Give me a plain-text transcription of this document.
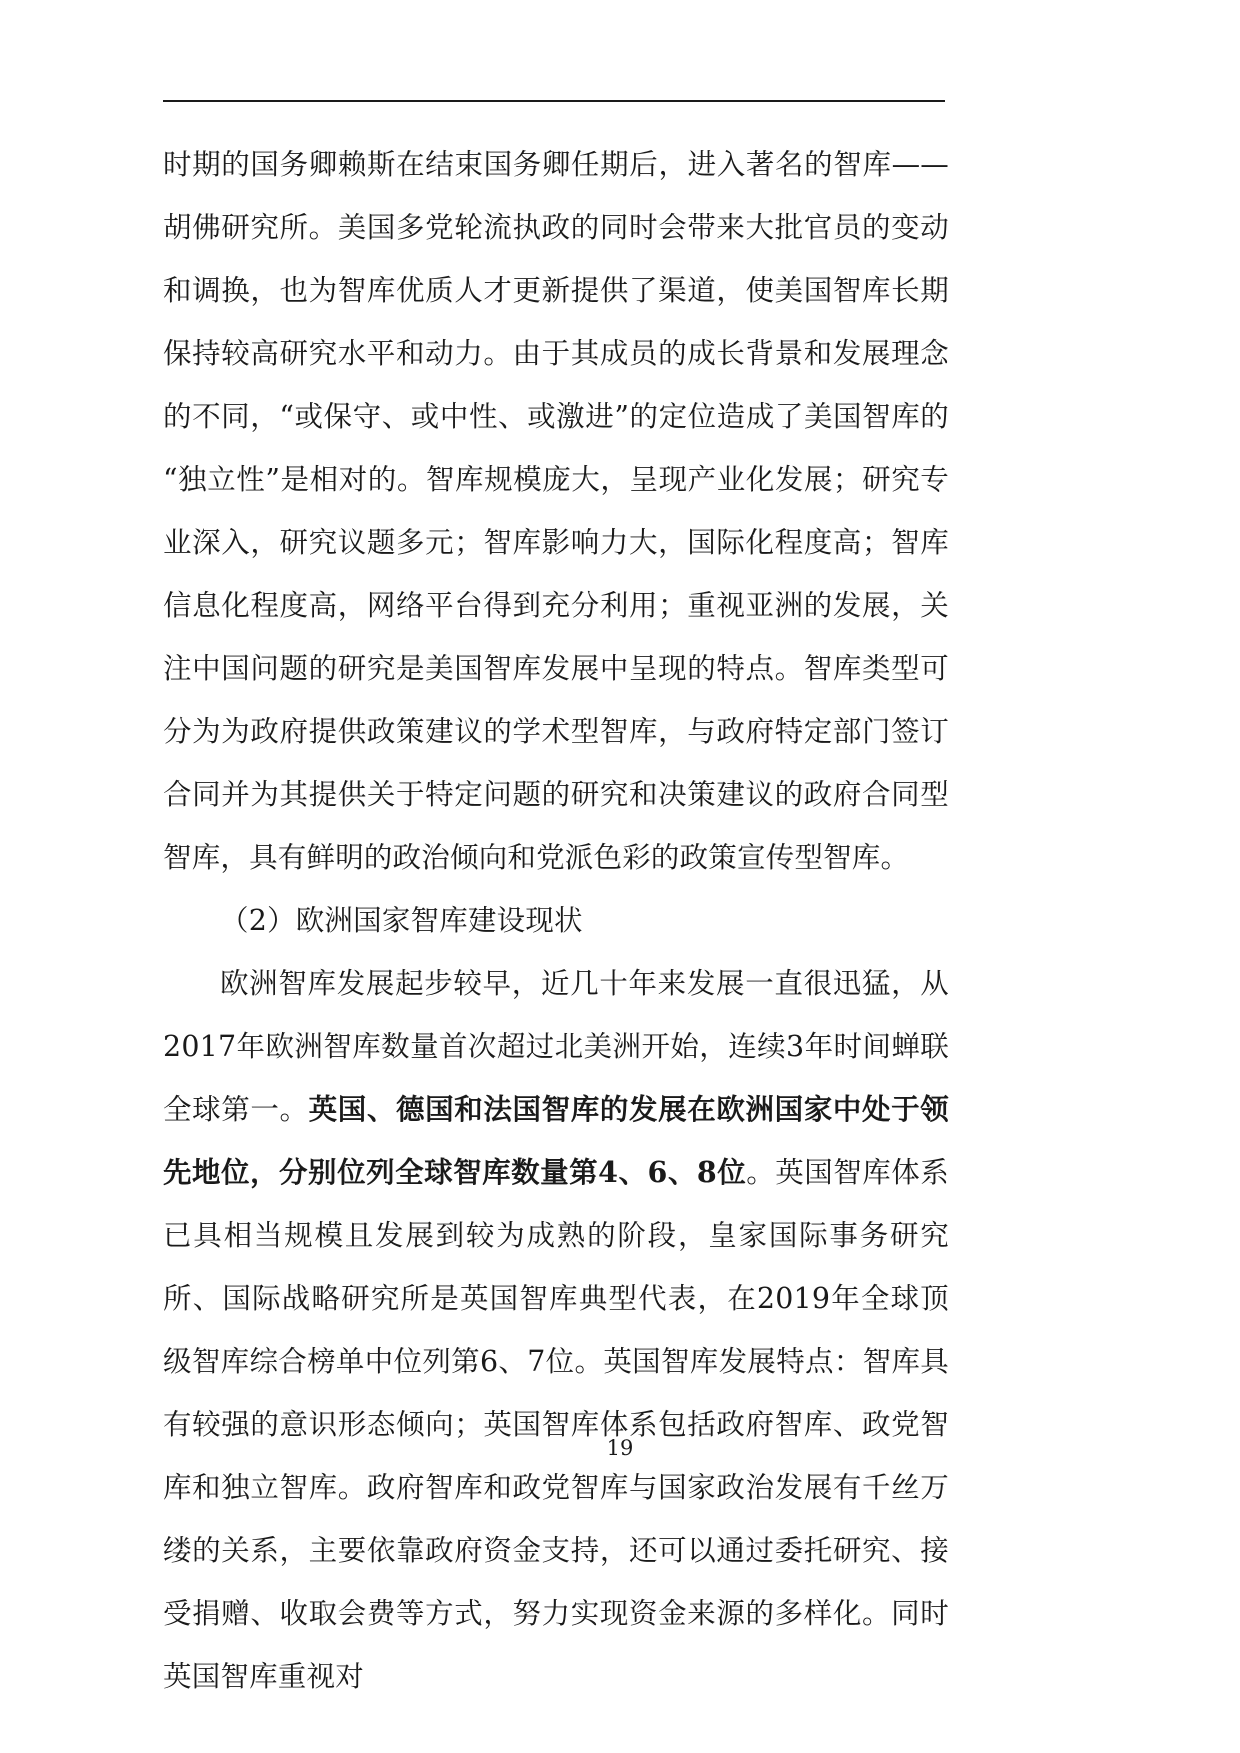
时期的国务卿赖斯在结束国务卿任期后，进入著名的智库——胡佛研究所。美国多党轮流执政的同时会带来大批官员的变动和调换，也为智库优质人才更新提供了渠道，使美国智库长期保持较高研究水平和动力。由于其成员的成长背景和发展理念的不同，“或保守、或中性、或激进”的定位造成了美国智库的“独立性”是相对的。智库规模庞大，呈现产业化发展；研究专业深入，研究议题多元；智库影响力大，国际化程度高；智库信息化程度高，网络平台得到充分利用；重视亚洲的发展，关注中国问题的研究是美国智库发展中呈现的特点。智库类型可分为为政府提供政策建议的学术型智库，与政府特定部门签订合同并为其提供关于特定问题的研究和决策建议的政府合同型智库，具有鲜明的政治倾向和党派色彩的政策宣传型智库。

（2）欧洲国家智库建设现状

欧洲智库发展起步较早，近几十年来发展一直很迅猛，从2017年欧洲智库数量首次超过北美洲开始，连续3年时间蝉联全球第一。英国、德国和法国智库的发展在欧洲国家中处于领先地位，分别位列全球智库数量第4、6、8位。英国智库体系已具相当规模且发展到较为成熟的阶段，皇家国际事务研究所、国际战略研究所是英国智库典型代表，在2019年全球顶级智库综合榜单中位列第6、7位。英国智库发展特点：智库具有较强的意识形态倾向；英国智库体系包括政府智库、政党智库和独立智库。政府智库和政党智库与国家政治发展有千丝万缕的关系，主要依靠政府资金支持，还可以通过委托研究、接受捐赠、收取会费等方式，努力实现资金来源的多样化。同时英国智库重视对

19
